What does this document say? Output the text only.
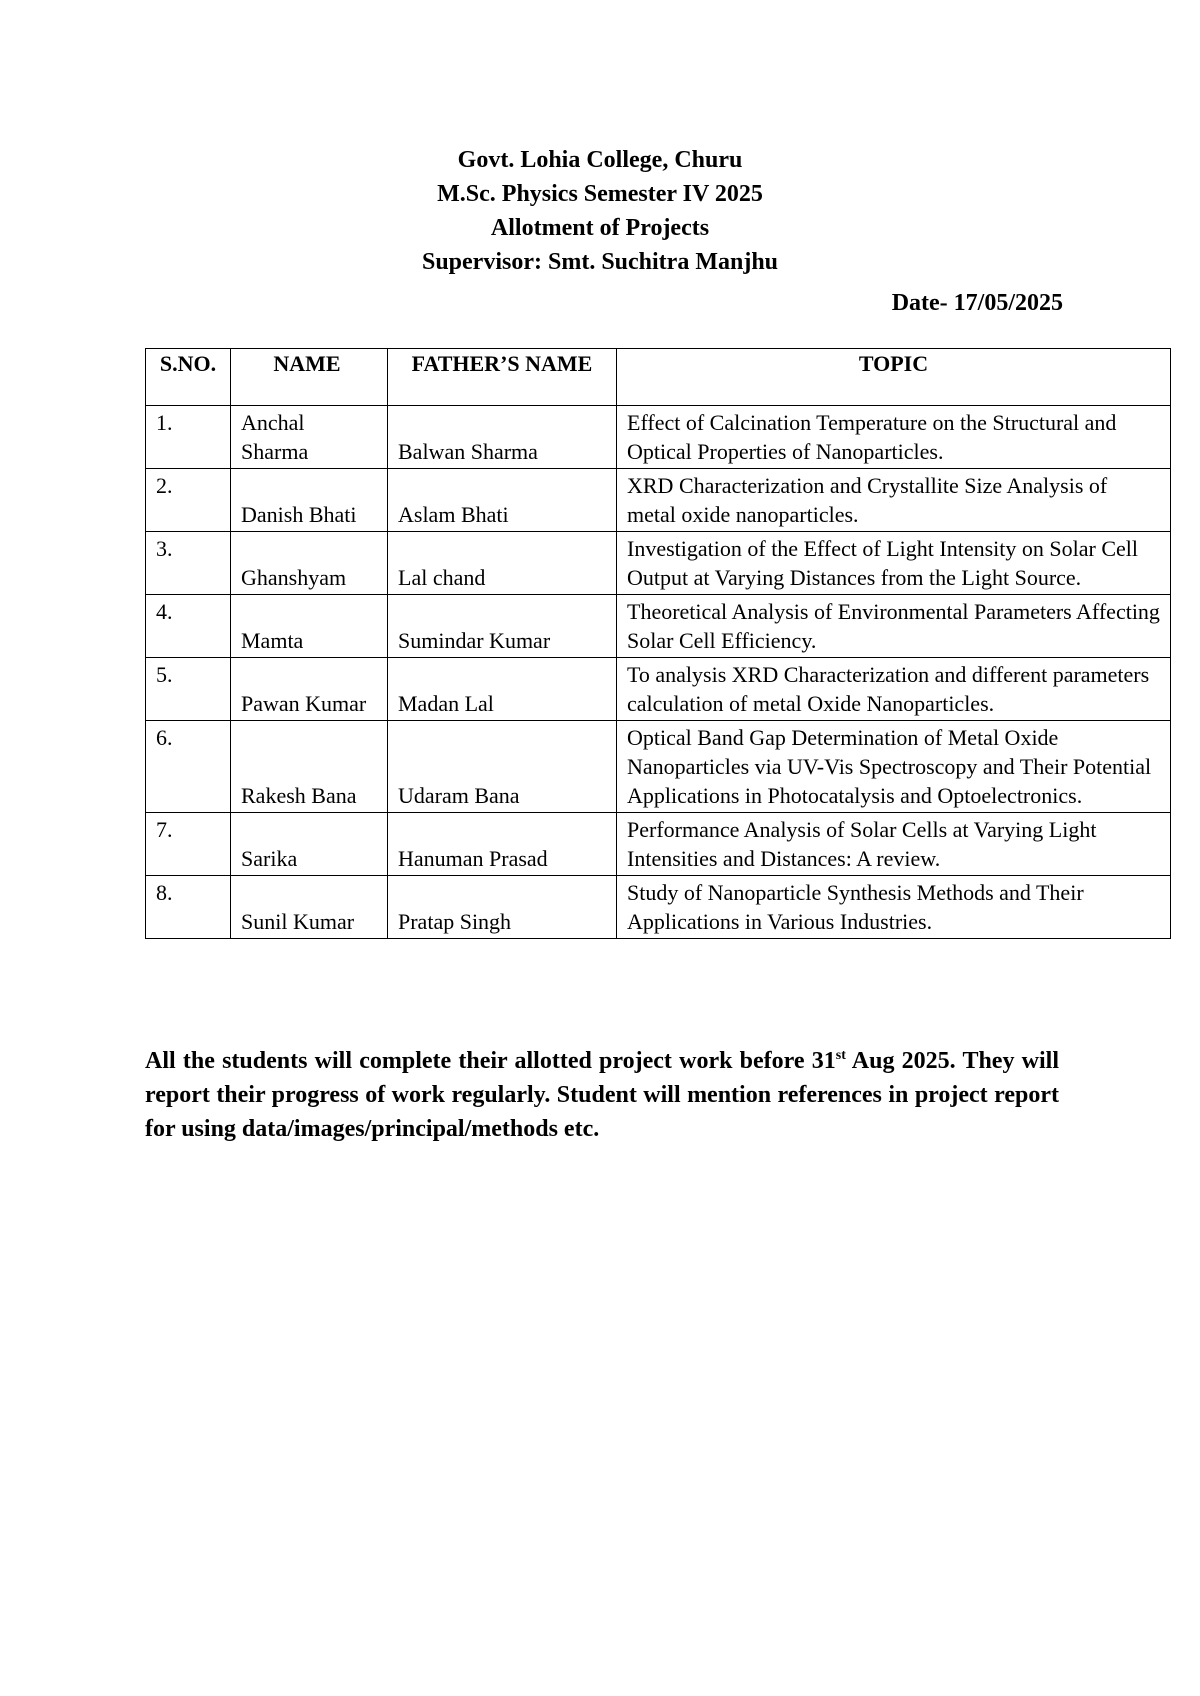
Govt. Lohia College, Churu
M.Sc. Physics Semester IV 2025
Allotment of Projects
Supervisor: Smt. Suchitra Manjhu
Date- 17/05/2025
S.NO.	NAME	FATHER’S NAME	TOPIC
1.	Anchal Sharma	Balwan Sharma	Effect of Calcination Temperature on the Structural and Optical Properties of Nanoparticles.
2.	Danish Bhati	Aslam Bhati	XRD Characterization and Crystallite Size Analysis of metal oxide nanoparticles.
3.	Ghanshyam	Lal chand	Investigation of the Effect of Light Intensity on Solar Cell Output at Varying Distances from the Light Source.
4.	Mamta	Sumindar Kumar	Theoretical Analysis of Environmental Parameters Affecting Solar Cell Efficiency.
5.	Pawan Kumar	Madan Lal	To analysis XRD Characterization and different parameters calculation of metal Oxide Nanoparticles.
6.	Rakesh Bana	Udaram Bana	Optical Band Gap Determination of Metal Oxide Nanoparticles via UV-Vis Spectroscopy and Their Potential Applications in Photocatalysis and Optoelectronics.
7.	Sarika	Hanuman Prasad	Performance Analysis of Solar Cells at Varying Light Intensities and Distances: A review.
8.	Sunil Kumar	Pratap Singh	Study of Nanoparticle Synthesis Methods and Their Applications in Various Industries.

All the students will complete their allotted project work before 31st Aug 2025. They will report their progress of work regularly. Student will mention references in project report for using data/images/principal/methods etc.
